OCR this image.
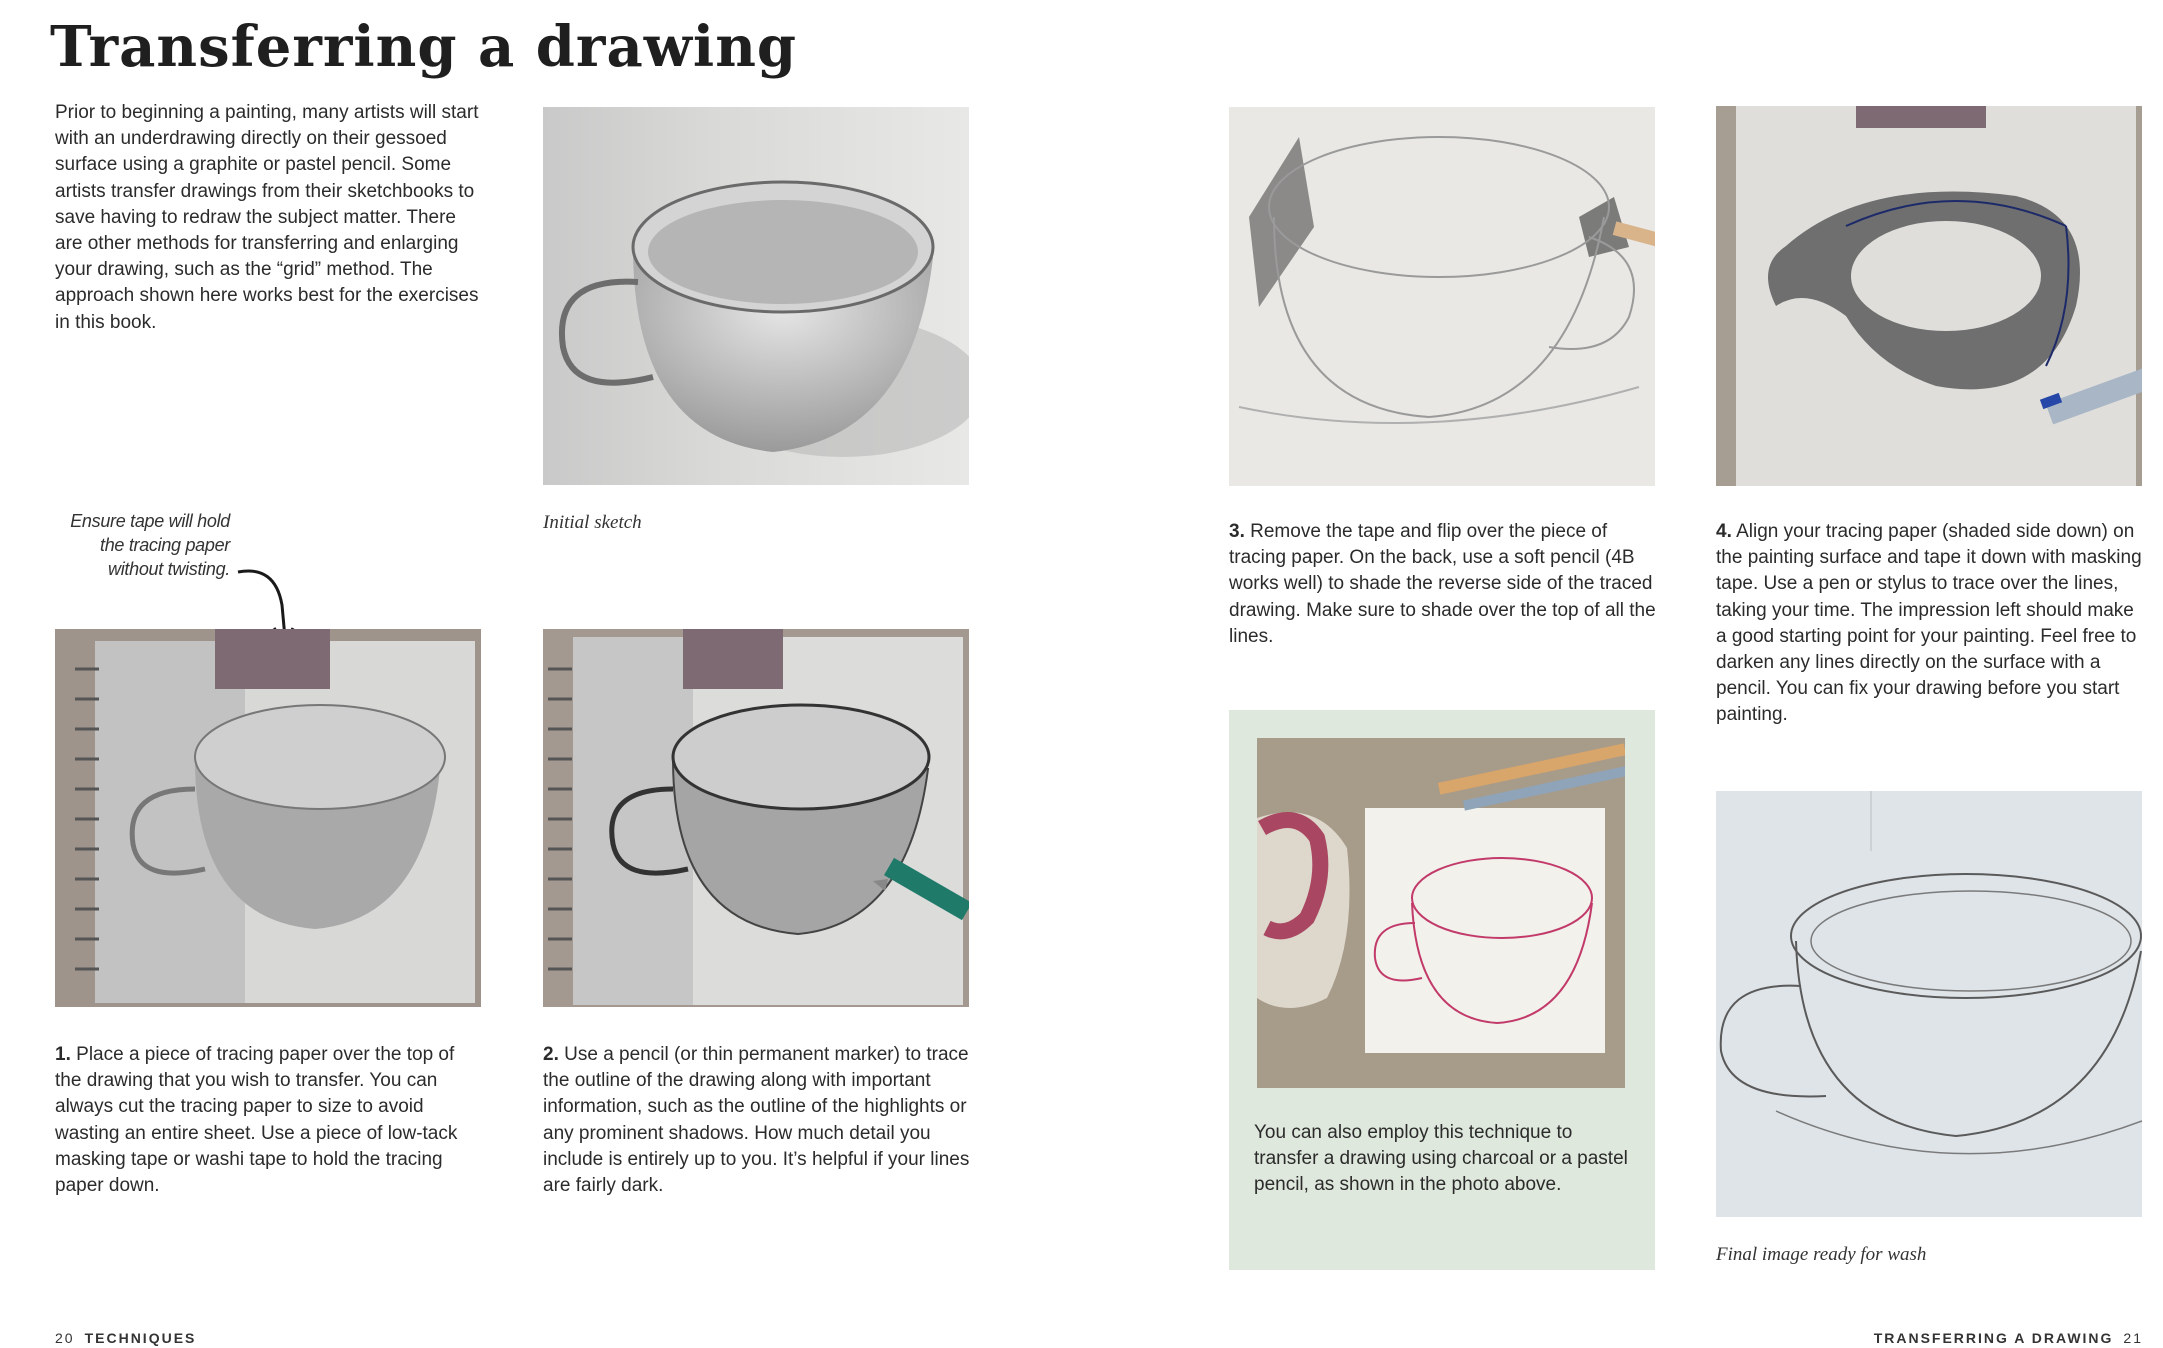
Transferring a drawing

Prior to beginning a painting, many artists will start with an underdrawing directly on their gessoed surface using a graphite or pastel pencil. Some artists transfer drawings from their sketchbooks to save having to redraw the subject matter. There are other methods for transferring and enlarging your drawing, such as the “grid” method. The approach shown here works best for the exercises in this book.

Initial sketch
Ensure tape will hold
the tracing paper
without twisting.

1. Place a piece of tracing paper over the top of the drawing that you wish to transfer. You can always cut the tracing paper to size to avoid wasting an entire sheet. Use a piece of low-tack masking tape or washi tape to hold the tracing paper down.

2. Use a pencil (or thin permanent marker) to trace the outline of the drawing along with important information, such as the outline of the highlights or any prominent shadows. How much detail you include is entirely up to you. It’s helpful if your lines are fairly dark.

3. Remove the tape and flip over the piece of tracing paper. On the back, use a soft pencil (4B works well) to shade the reverse side of the traced drawing. Make sure to shade over the top of all the lines.

4. Align your tracing paper (shaded side down) on the painting surface and tape it down with masking tape. Use a pen or stylus to trace over the lines, taking your time. The impression left should make a good starting point for your painting. Feel free to darken any lines directly on the surface with a pencil. You can fix your drawing before you start painting.

You can also employ this technique to transfer a drawing using charcoal or a pastel pencil, as shown in the photo above.

Final image ready for wash
20 TECHNIQUES	TRANSFERRING A DRAWING 21
